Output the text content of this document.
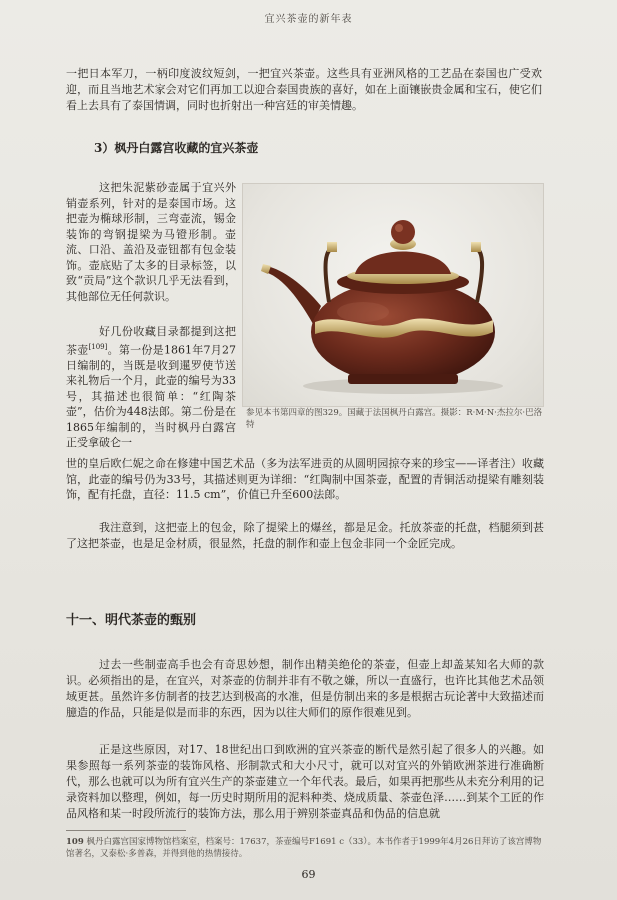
宜兴茶壶的新年表

一把日本军刀，一柄印度波纹短剑，一把宜兴茶壶。这些具有亚洲风格的工艺品在泰国也广受欢迎，而且当地艺术家会对它们再加工以迎合泰国贵族的喜好，如在上面镶嵌贵金属和宝石，使它们看上去具有了泰国情调，同时也折射出一种宫廷的审美情趣。

3）枫丹白露宫收藏的宜兴茶壶

这把朱泥紫砂壶属于宜兴外销壶系列，针对的是泰国市场。这把壶为椭球形制，三弯壶流，锡金装饰的弯钢提梁为马镫形制。壶流、口沿、盖沿及壶钮都有包金装饰。壶底贴了太多的目录标签，以致“贡局”这个款识几乎无法看到，其他部位无任何款识。

好几份收藏目录都提到这把茶壶[109]。第一份是1861年7月27日编制的，当既是收到暹罗使节送来礼物后一个月，此壶的编号为33号，其描述也很简单：“红陶茶壶”，估价为448法郎。第二份是在1865年编制的，当时枫丹白露宫正受拿破仑一

世的皇后欧仁妮之命在修建中国艺术品（多为法军进贡的从圆明园掠夺来的珍宝——译者注）收藏馆，此壶的编号仍为33号，其描述则更为详细：“红陶制中国茶壶，配置的青铜活动提梁有雕刻装饰，配有托盘，直径：11.5 cm”，价值已升至600法郎。

参见本书第四章的图329。国藏于法国枫丹白露宫。摄影：R·M·N·杰拉尔·巴洛特

我注意到，这把壶上的包金，除了提梁上的爆丝，都是足金。托放茶壶的托盘，档腿须到甚了这把茶壶，也是足金材质，很显然，托盘的制作和壶上包金非同一个金匠完成。

十一、明代茶壶的甄别

过去一些制壶高手也会有奇思妙想，制作出精美绝伦的茶壶，但壶上却盖某知名大师的款识。必须指出的是，在宜兴，对茶壶的仿制并非有不敬之嫌，所以一直盛行，也许比其他艺术品领域更甚。虽然许多仿制者的技艺达到极高的水准，但是仿制出来的多是根据古玩论著中大致描述而臆造的作品，只能是似是而非的东西，因为以往大师们的原作很难见到。

正是这些原因，对17、18世纪出口到欧洲的宜兴茶壶的断代是然引起了很多人的兴趣。如果参照每一系列茶壶的装饰风格、形制款式和大小尺寸，就可以对宜兴的外销欧洲茶进行准确断代，那么也就可以为所有宜兴生产的茶壶建立一个年代表。最后，如果再把那些从未充分利用的记录资料加以整理，例如，每一历史时期所用的泥料种类、烧成质量、茶壶色泽……到某个工匠的作品风格和某一时段所流行的装饰方法，那么用于辨别茶壶真品和伪品的信息就

109 枫丹白露宫国家博物馆档案室，档案号：17637，茶壶编号F1691 c（33）。本书作者于1999年4月26日拜访了该宫博物馆著名，又泰松·多普森，并得到他的热情接待。
69
